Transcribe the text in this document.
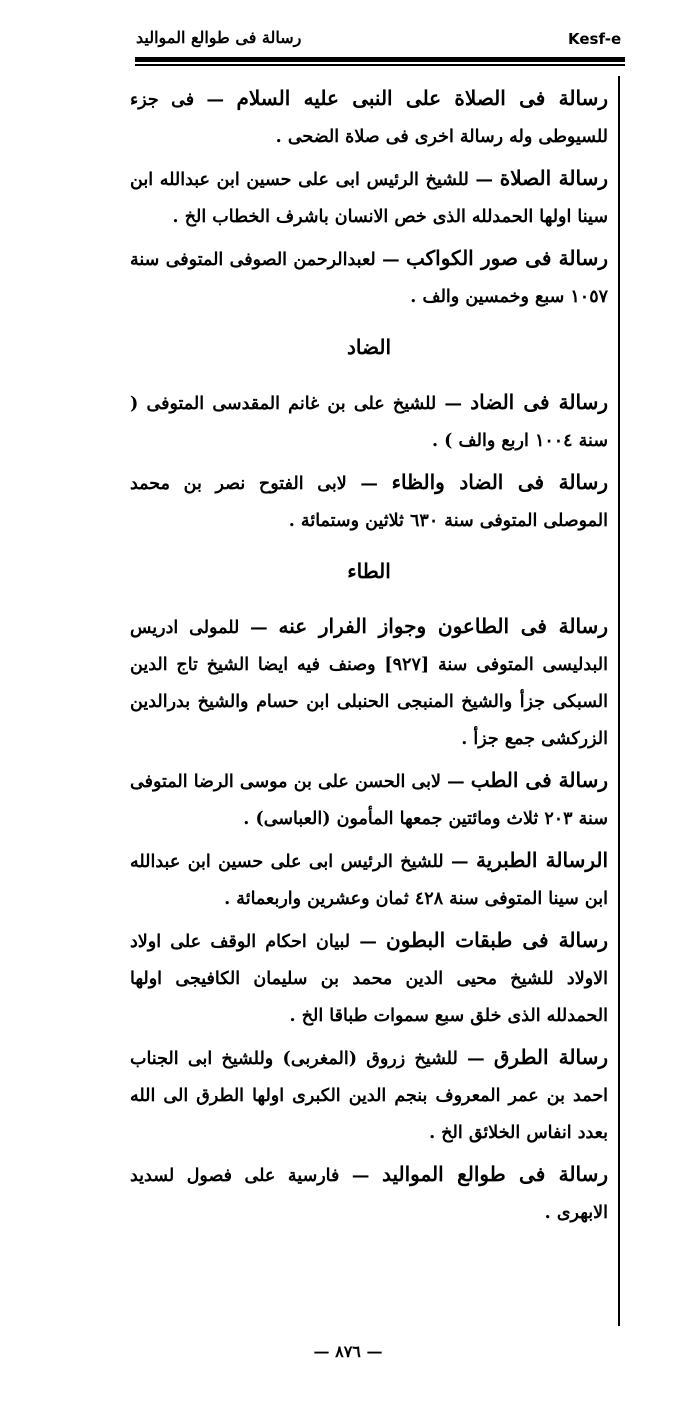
رسالة فى طوالع المواليد	Kesf-e
رسالة فى الصلاة على النبى عليه السلام — فى جزء للسيوطى وله رسالة اخرى فى صلاة الضحى .
رسالة الصلاة — للشيخ الرئيس ابى على حسين ابن عبدالله ابن سينا اولها الحمدلله الذى خص الانسان باشرف الخطاب الخ .
رسالة فى صور الكواكب — لعبدالرحمن الصوفى المتوفى سنة ١٠٥٧ سبع وخمسين والف .
الضاد
رسالة فى الضاد — للشيخ على بن غانم المقدسى المتوفى ( سنة ١٠٠٤ اربع والف ) .
رسالة فى الضاد والظاء — لابى الفتوح نصر بن محمد الموصلى المتوفى سنة ٦٣٠ ثلاثين وستمائة .
الطاء
رسالة فى الطاعون وجواز الفرار عنه — للمولى ادريس البدليسى المتوفى سنة [٩٢٧] وصنف فيه ايضا الشيخ تاج الدين السبكى جزأ والشيخ المنبجى الحنبلى ابن حسام والشيخ بدرالدين الزركشى جمع جزأ .
رسالة فى الطب — لابى الحسن على بن موسى الرضا المتوفى سنة ٢٠٣ ثلاث ومائتين جمعها المأمون (العباسى) .
الرسالة الطبرية — للشيخ الرئيس ابى على حسين ابن عبدالله ابن سينا المتوفى سنة ٤٢٨ ثمان وعشرين واربعمائة .
رسالة فى طبقات البطون — لبيان احكام الوقف على اولاد الاولاد للشيخ محيى الدين محمد بن سليمان الكافيجى اولها الحمدلله الذى خلق سبع سموات طباقا الخ .
رسالة الطرق — للشيخ زروق (المغربى) وللشيخ ابى الجناب احمد بن عمر المعروف بنجم الدين الكبرى اولها الطرق الى الله بعدد انفاس الخلائق الخ .
رسالة فى طوالع المواليد — فارسية على فصول لسديد الابهرى .
— ٨٧٦ —
